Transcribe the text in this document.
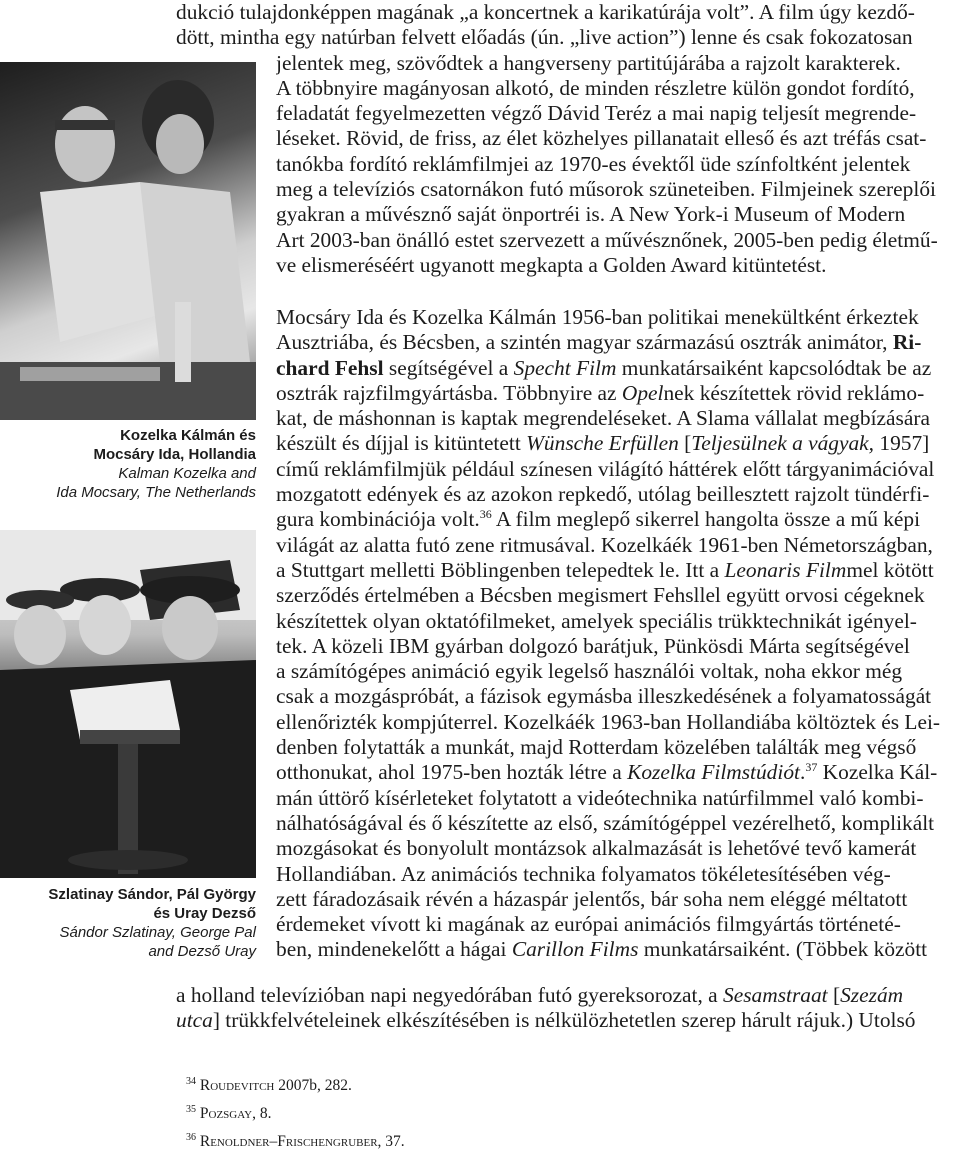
dukció tulajdonképpen magának „a koncertnek a karikatúrája volt”. A film úgy kezdő-
dött, mintha egy natúrban felvett előadás (ún. „live action”) lenne és csak fokozatosan
jelentek meg, szövődtek a hangverseny partitújárába a rajzolt karakterek.
A többnyire magányosan alkotó, de minden részletre külön gondot fordító,
feladatát fegyelmezetten végző Dávid Teréz a mai napig teljesít megrende-
léseket. Rövid, de friss, az élet közhelyes pillanatait elleső és azt tréfás csat-
tanókba fordító reklámfilmjei az 1970-es évektől üde színfoltként jelentek
meg a televíziós csatornákon futó műsorok szüneteiben. Filmjeinek szereplői
gyakran a művésznő saját önportréi is. A New York-i Museum of Modern
Art 2003-ban önálló estet szervezett a művésznőnek, 2005-ben pedig életmű-
ve elismeréséért ugyanott megkapta a Golden Award kitüntetést.
Kozelka Kálmán és
Mocsáry Ida, Hollandia
Kalman Kozelka and
Ida Mocsary, The Netherlands
Szlatinay Sándor, Pál György
és Uray Dezső
Sándor Szlatinay, George Pal
and Dezső Uray
Mocsáry Ida és Kozelka Kálmán 1956-ban politikai menekültként érkeztek
Ausztriába, és Bécsben, a szintén magyar származású osztrák animátor, Ri-
chard Fehsl segítségével a Specht Film munkatársaiként kapcsolódtak be az
osztrák rajzfilmgyártásba. Többnyire az Opelnek készítettek rövid reklámo-
kat, de máshonnan is kaptak megrendeléseket. A Slama vállalat megbízására
készült és díjjal is kitüntetett Wünsche Erfüllen [Teljesülnek a vágyak, 1957]
című reklámfilmjük például színesen világító háttérek előtt tárgyanimációval
mozgatott edények és az azokon repkedő, utólag beillesztett rajzolt tündérfi-
gura kombinációja volt.$^{36}$ A film meglepő sikerrel hangolta össze a mű képi
világát az alatta futó zene ritmusával. Kozelkáék 1961-ben Németországban,
a Stuttgart melletti Böblingenben telepedtek le. Itt a Leonaris Filmmel kötött
szerződés értelmében a Bécsben megismert Fehsllel együtt orvosi cégeknek
készítettek olyan oktatófilmeket, amelyek speciális trükktechnikát igényel-
tek. A közeli IBM gyárban dolgozó barátjuk, Pünkösdi Márta segítségével
a számítógépes animáció egyik legelső használói voltak, noha ekkor még
csak a mozgáspróbát, a fázisok egymásba illeszkedésének a folyamatosságát
ellenőrizték kompjúterrel. Kozelkáék 1963-ban Hollandiába költöztek és Lei-
denben folytatták a munkát, majd Rotterdam közelében találták meg végső
otthonukat, ahol 1975-ben hozták létre a Kozelka Filmstúdiót.$^{37}$ Kozelka Kál-
mán úttörő kísérleteket folytatott a videótechnika natúrfilmmel való kombi-
nálhatóságával és ő készítette az első, számítógéppel vezérelhető, komplikált
mozgásokat és bonyolult montázsok alkalmazását is lehetővé tevő kamerát
Hollandiában. Az animációs technika folyamatos tökéletesítésében vég-
zett fáradozásaik révén a házaspár jelentős, bár soha nem eléggé méltatott
érdemeket vívott ki magának az európai animációs filmgyártás történeté-
ben, mindenekelőtt a hágai Carillon Films munkatársaiként. (Többek között
a holland televízióban napi negyedórában futó gyereksorozat, a Sesamstraat [Szezám
utca] trükkfelvételeinek elkészítésében is nélkülözhetetlen szerep hárult rájuk.) Utolsó
$^{34}$ Roudevitch 2007b, 282.
$^{35}$ Pozsgay, 8.
$^{36}$ Renoldner–Frischengruber, 37.
